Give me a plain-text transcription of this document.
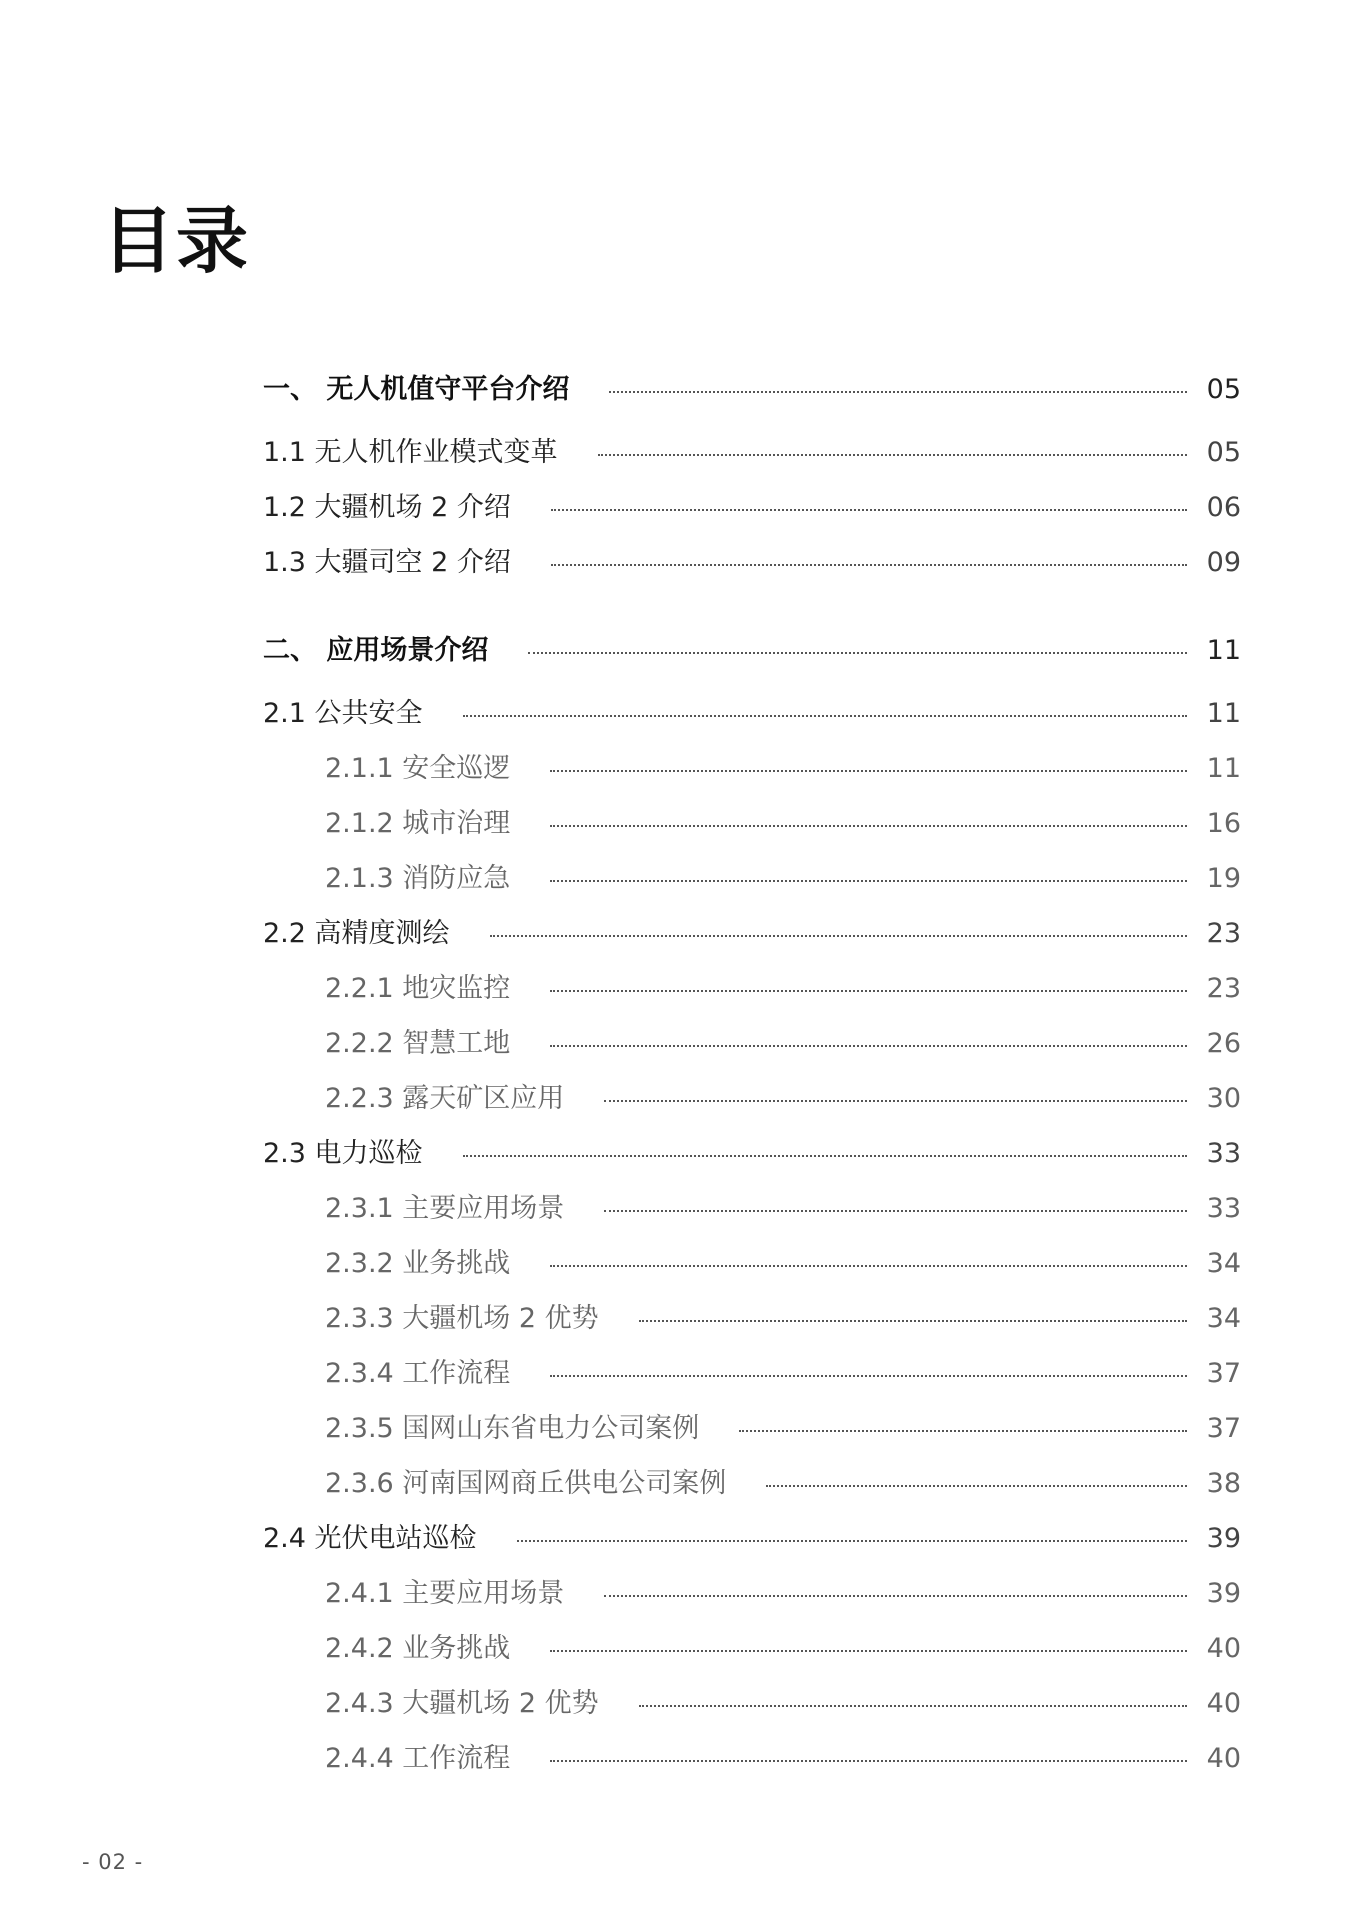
目录
一、 无人机值守平台介绍	05
1.1 无人机作业模式变革	05
1.2 大疆机场 2 介绍	06
1.3 大疆司空 2 介绍	09
二、 应用场景介绍	11
2.1 公共安全	11
2.1.1 安全巡逻	11
2.1.2 城市治理	16
2.1.3 消防应急	19
2.2 高精度测绘	23
2.2.1 地灾监控	23
2.2.2 智慧工地	26
2.2.3 露天矿区应用	30
2.3 电力巡检	33
2.3.1 主要应用场景	33
2.3.2 业务挑战	34
2.3.3 大疆机场 2 优势	34
2.3.4 工作流程	37
2.3.5 国网山东省电力公司案例	37
2.3.6 河南国网商丘供电公司案例	38
2.4 光伏电站巡检	39
2.4.1 主要应用场景	39
2.4.2 业务挑战	40
2.4.3 大疆机场 2 优势	40
2.4.4 工作流程	40
- 02 -
